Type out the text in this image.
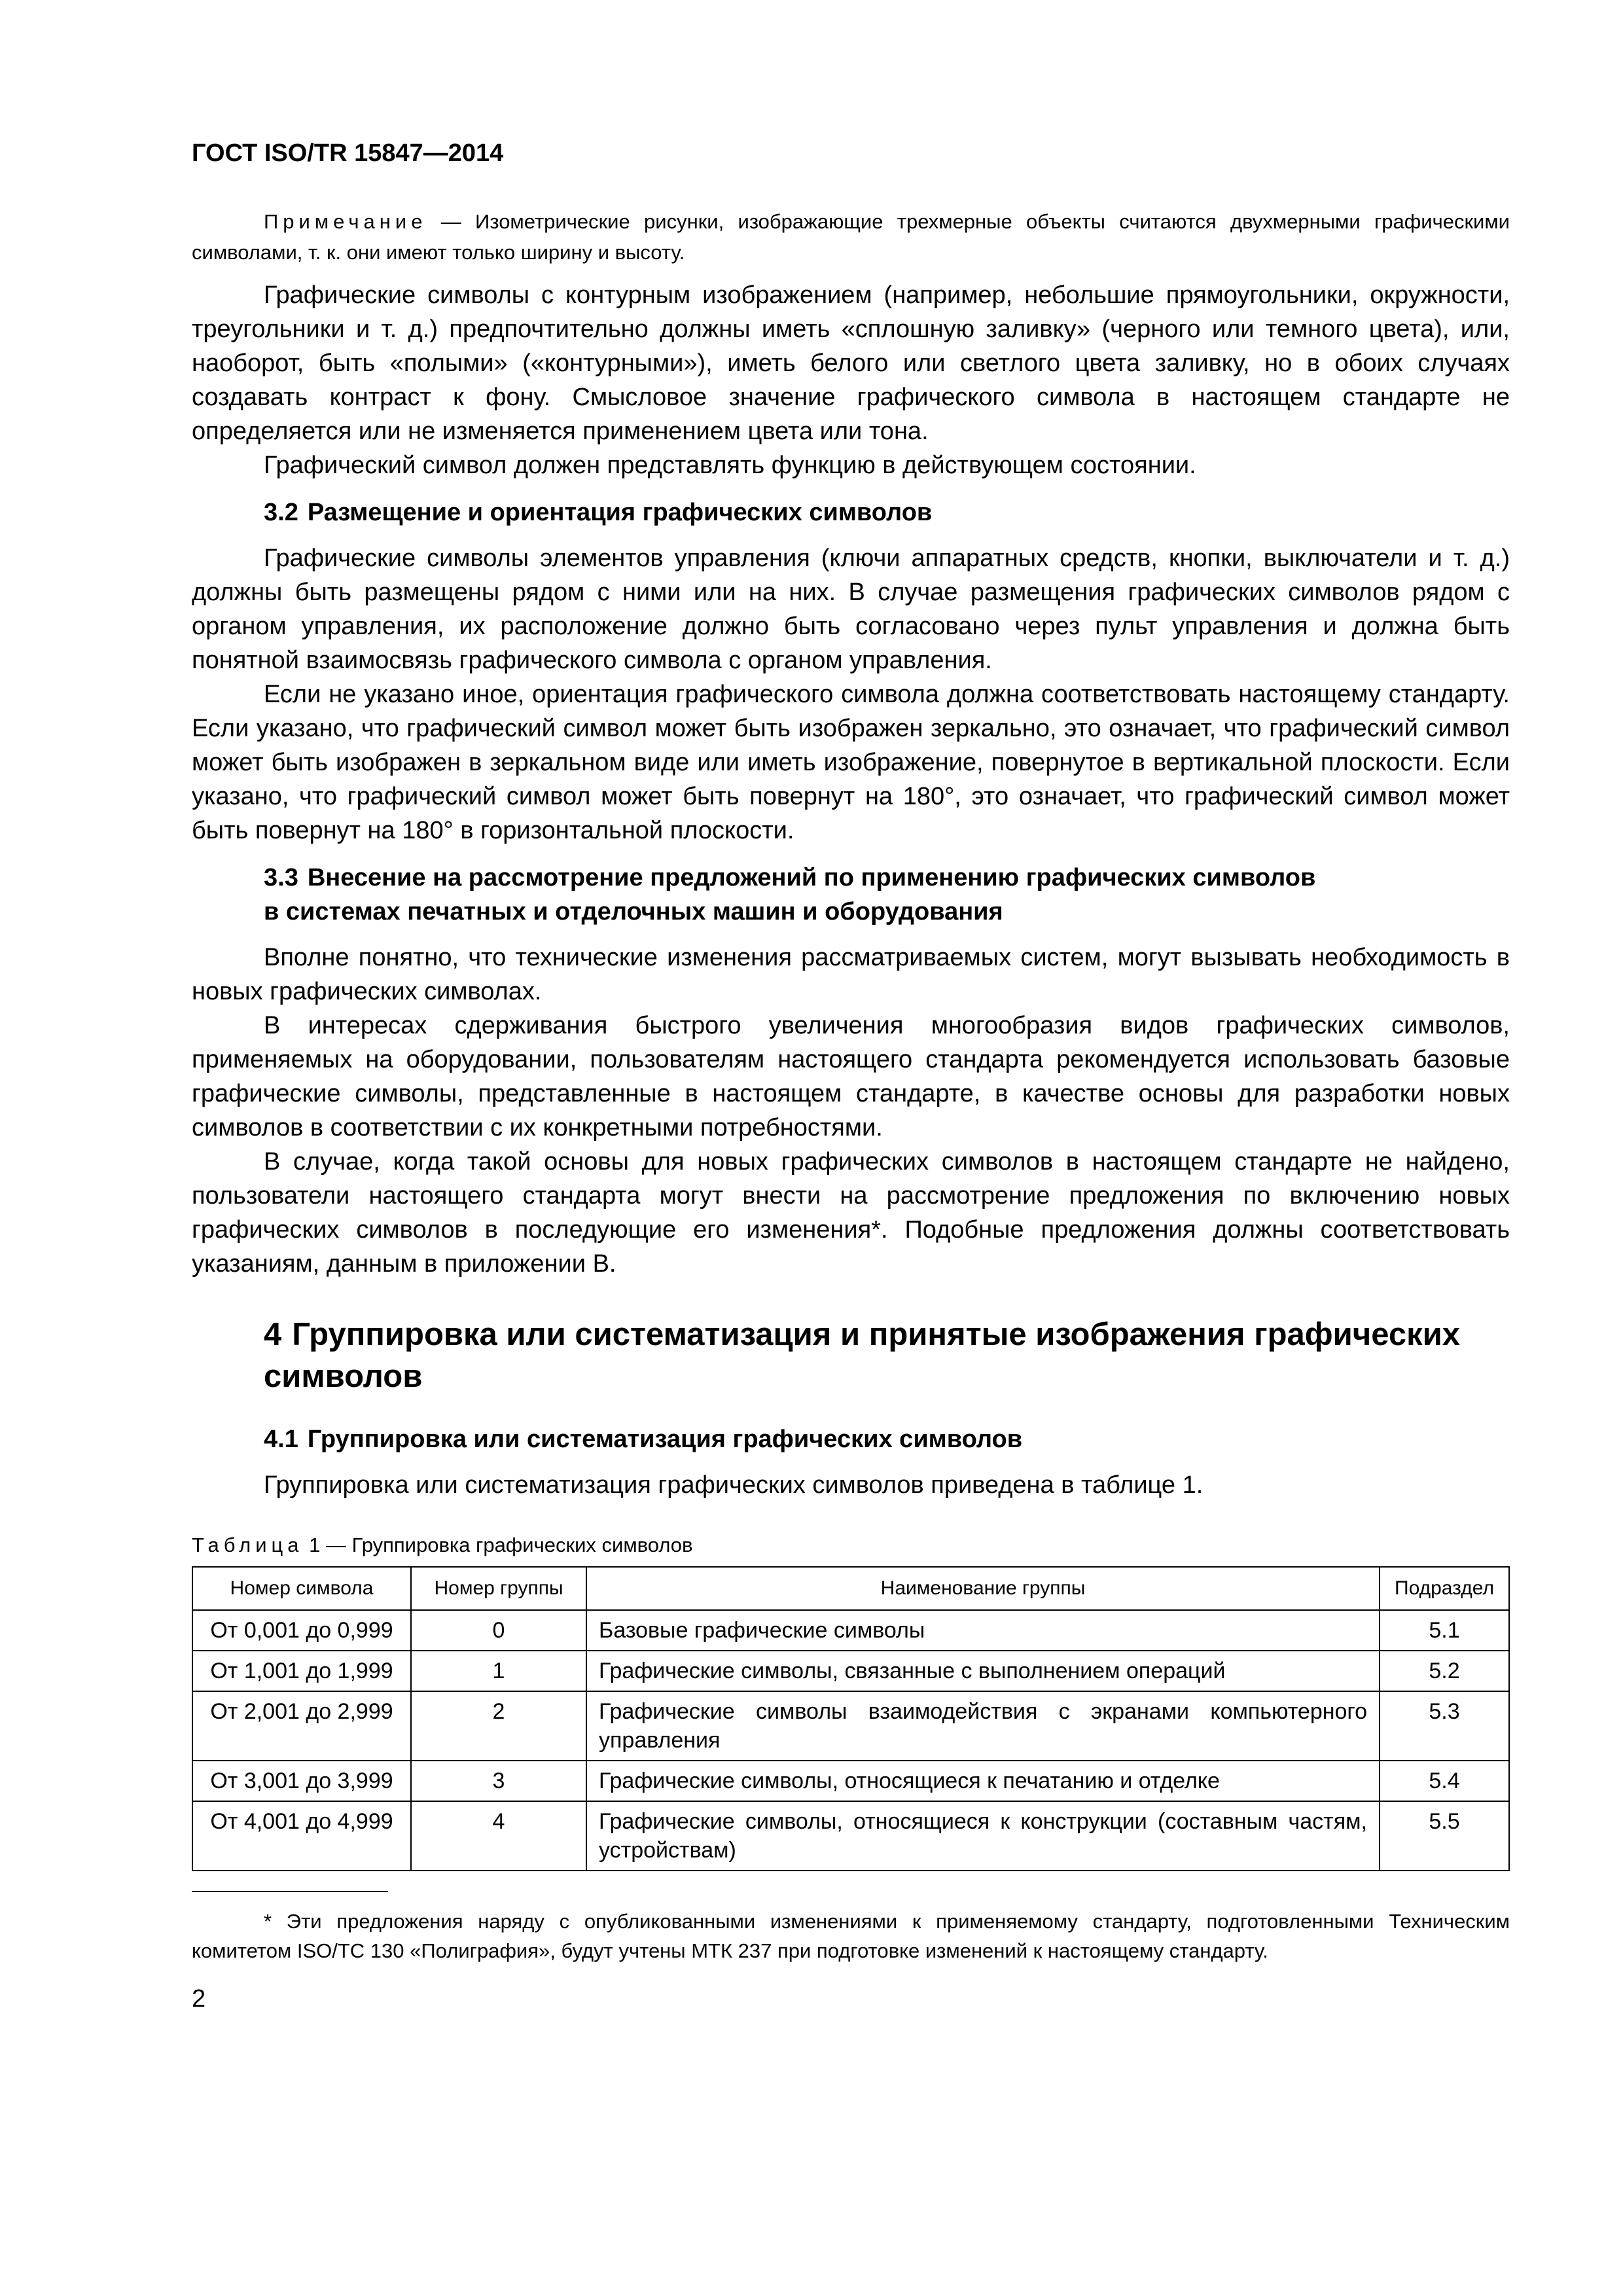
ГОСТ ISO/TR 15847—2014

Примечание — Изометрические рисунки, изображающие трехмерные объекты считаются двухмерными графическими символами, т. к. они имеют только ширину и высоту.

Графические символы с контурным изображением (например, небольшие прямоугольники, окружности, треугольники и т. д.) предпочтительно должны иметь «сплошную заливку» (черного или темного цвета), или, наоборот, быть «полыми» («контурными»), иметь белого или светлого цвета заливку, но в обоих случаях создавать контраст к фону. Смысловое значение графического символа в настоящем стандарте не определяется или не изменяется применением цвета или тона.

Графический символ должен представлять функцию в действующем состоянии.

3.2 Размещение и ориентация графических символов

Графические символы элементов управления (ключи аппаратных средств, кнопки, выключатели и т. д.) должны быть размещены рядом с ними или на них. В случае размещения графических символов рядом с органом управления, их расположение должно быть согласовано через пульт управления и должна быть понятной взаимосвязь графического символа с органом управления.

Если не указано иное, ориентация графического символа должна соответствовать настоящему стандарту. Если указано, что графический символ может быть изображен зеркально, это означает, что графический символ может быть изображен в зеркальном виде или иметь изображение, повернутое в вертикальной плоскости. Если указано, что графический символ может быть повернут на 180°, это означает, что графический символ может быть повернут на 180° в горизонтальной плоскости.

3.3 Внесение на рассмотрение предложений по применению графических символов
в системах печатных и отделочных машин и оборудования

Вполне понятно, что технические изменения рассматриваемых систем, могут вызывать необходимость в новых графических символах.

В интересах сдерживания быстрого увеличения многообразия видов графических символов, применяемых на оборудовании, пользователям настоящего стандарта рекомендуется использовать базовые графические символы, представленные в настоящем стандарте, в качестве основы для разработки новых символов в соответствии с их конкретными потребностями.

В случае, когда такой основы для новых графических символов в настоящем стандарте не найдено, пользователи настоящего стандарта могут внести на рассмотрение предложения по включению новых графических символов в последующие его изменения*. Подобные предложения должны соответствовать указаниям, данным в приложении В.

4 Группировка или систематизация и принятые изображения графических символов
4.1 Группировка или систематизация графических символов

Группировка или систематизация графических символов приведена в таблице 1.

Таблица 1 — Группировка графических символов
Номер символа	Номер группы	Наименование группы	Подраздел
От 0,001 до 0,999	0	Базовые графические символы	5.1
От 1,001 до 1,999	1	Графические символы, связанные с выполнением операций	5.2
От 2,001 до 2,999	2	Графические символы взаимодействия с экранами компьютерного управления	5.3
От 3,001 до 3,999	3	Графические символы, относящиеся к печатанию и отделке	5.4
От 4,001 до 4,999	4	Графические символы, относящиеся к конструкции (составным частям, устройствам)	5.5

* Эти предложения наряду с опубликованными изменениями к применяемому стандарту, подготовленными Техническим комитетом ISO/TC 130 «Полиграфия», будут учтены МТК 237 при подготовке изменений к настоящему стандарту.

2
